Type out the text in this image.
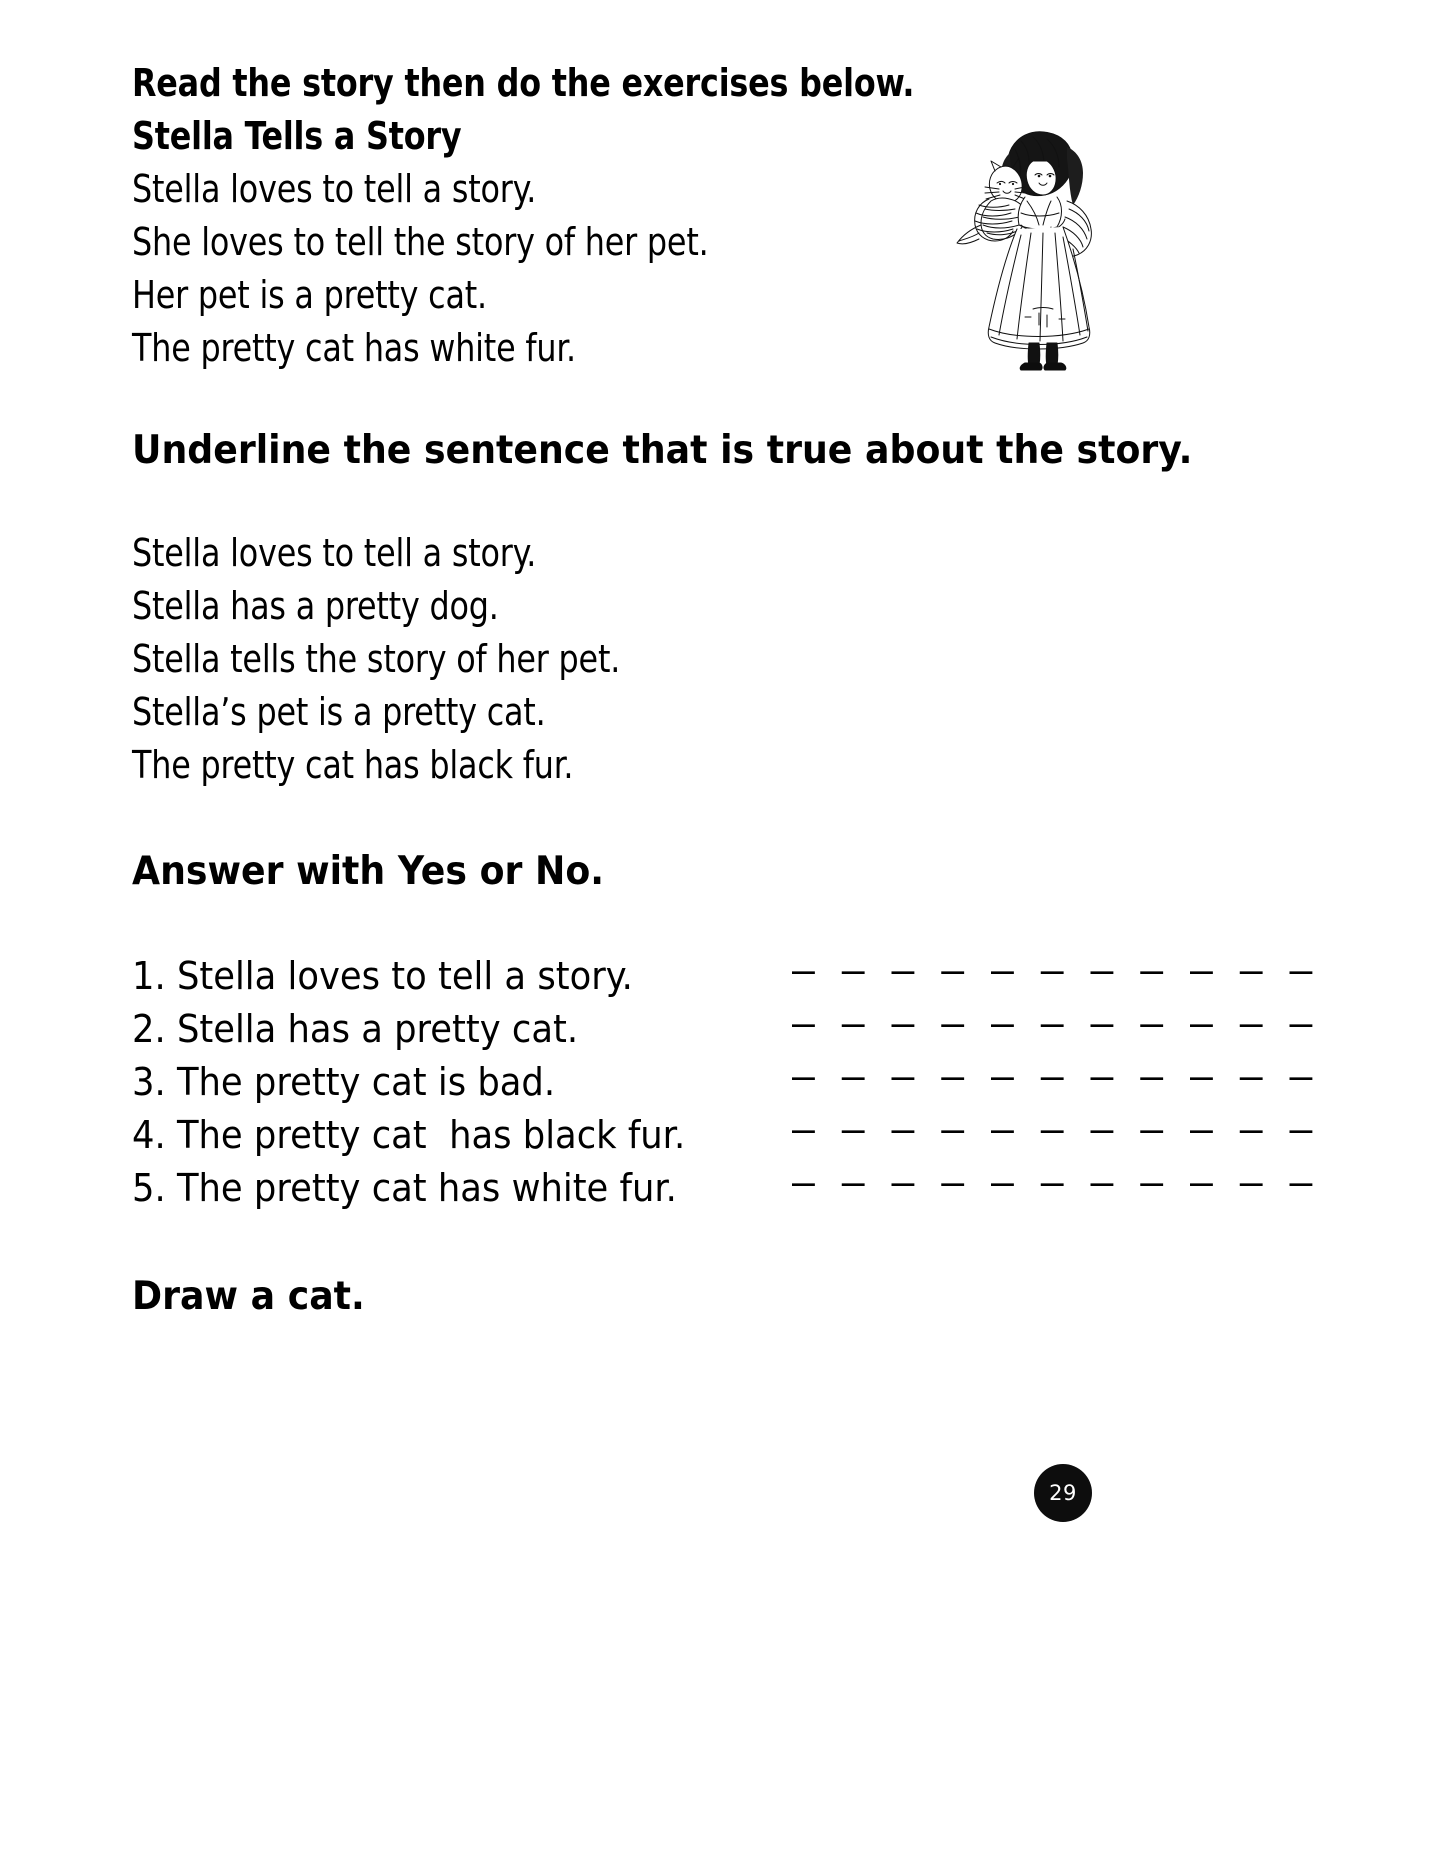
Read the story then do the exercises below.
Stella Tells a Story
Stella loves to tell a story.
She loves to tell the story of her pet.
Her pet is a pretty cat.
The pretty cat has white fur.
Underline the sentence that is true about the story.
Stella loves to tell a story.
Stella has a pretty dog.
Stella tells the story of her pet.
Stella’s pet is a pretty cat.
The pretty cat has black fur.
Answer with Yes or No.
1. Stella loves to tell a story.	– – – – – – – – – – –
2. Stella has a pretty cat.	– – – – – – – – – – –
3. The pretty cat is bad.	– – – – – – – – – – –
4. The pretty cat  has black fur.	– – – – – – – – – – –
5. The pretty cat has white fur.	– – – – – – – – – – –
Draw a cat.
29
